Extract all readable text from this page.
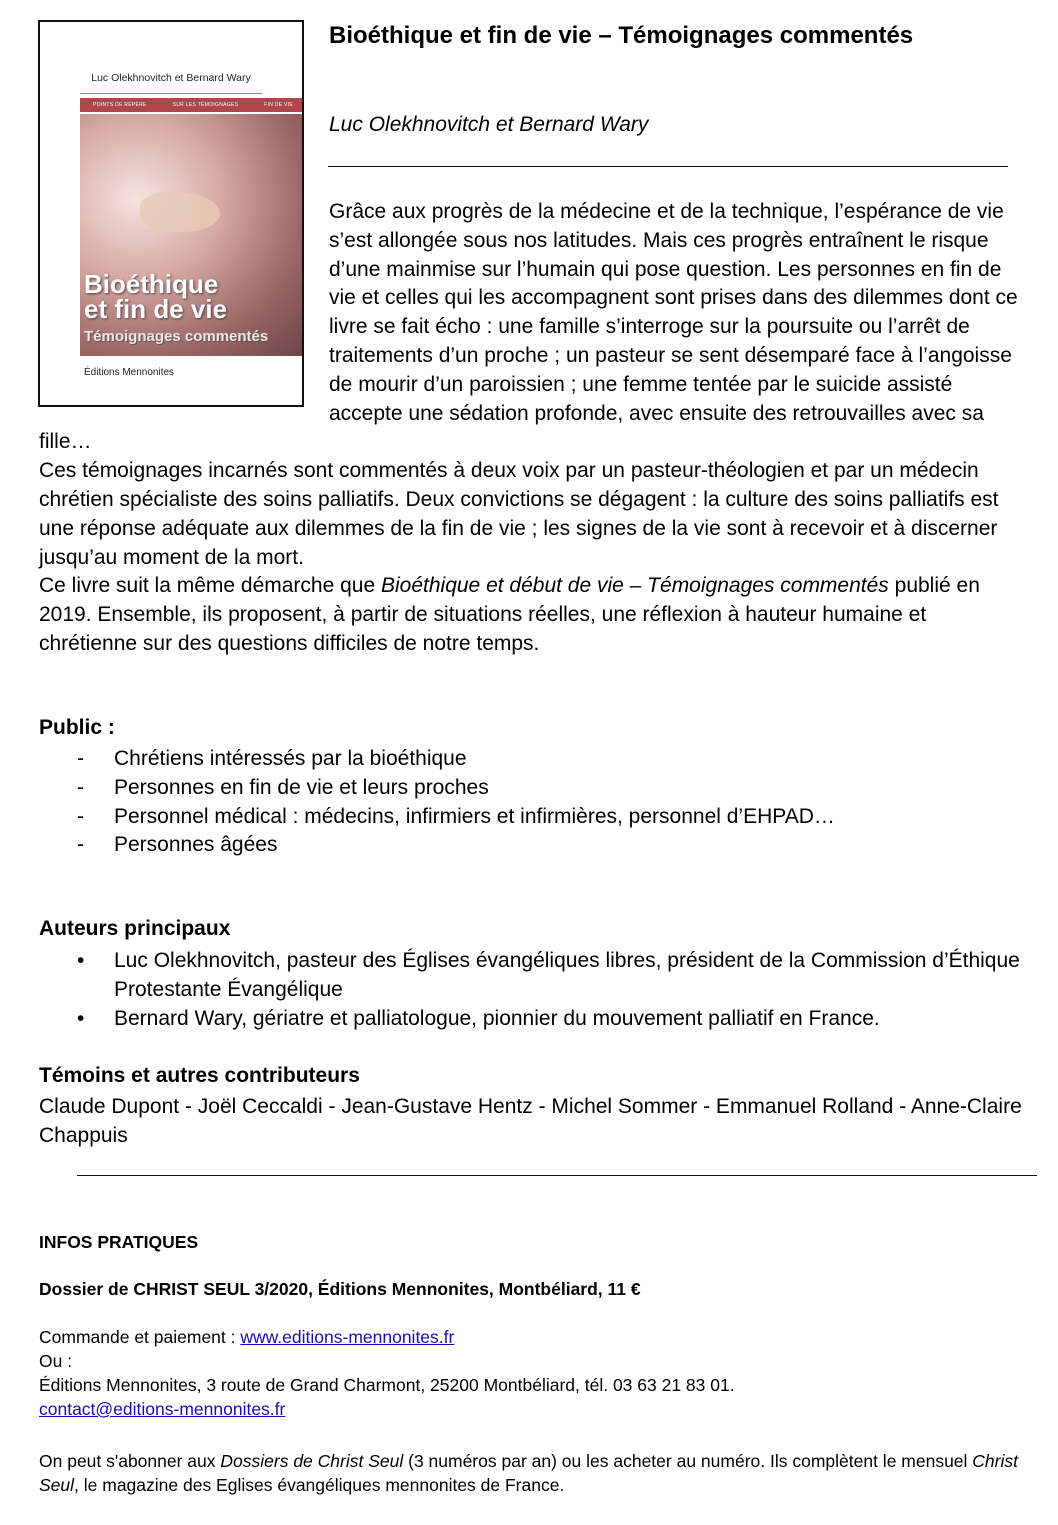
Luc Olekhnovitch et Bernard Wary
POINTS DE REPÈRE	SUR LES TÉMOIGNAGES	FIN DE VIE
Bioéthique
et fin de vie
Témoignages commentés
Éditions Mennonites
Bioéthique et fin de vie – Témoignages commentés
Luc Olekhnovitch et Bernard Wary

Grâce aux progrès de la médecine et de la technique, l’espérance de vie s’est allongée sous nos latitudes. Mais ces progrès entraînent le risque d’une mainmise sur l’humain qui pose question. Les personnes en fin de vie et celles qui les accompagnent sont prises dans des dilemmes dont ce livre se fait écho : une famille s’interroge sur la poursuite ou l’arrêt de traitements d’un proche ; un pasteur se sent désemparé face à l’angoisse de mourir d’un paroissien ; une femme tentée par le suicide assisté accepte une sédation profonde, avec ensuite des retrouvailles avec sa fille…

Ces témoignages incarnés sont commentés à deux voix par un pasteur-théologien et par un médecin chrétien spécialiste des soins palliatifs. Deux convictions se dégagent : la culture des soins palliatifs est une réponse adéquate aux dilemmes de la fin de vie ; les signes de la vie sont à recevoir et à discerner jusqu’au moment de la mort.

Ce livre suit la même démarche que Bioéthique et début de vie – Témoignages commentés publié en 2019. Ensemble, ils proposent, à partir de situations réelles, une réflexion à hauteur humaine et chrétienne sur des questions difficiles de notre temps.

Public :
- Chrétiens intéressés par la bioéthique
- Personnes en fin de vie et leurs proches
- Personnel médical : médecins, infirmiers et infirmières, personnel d’EHPAD…
- Personnes âgées
Auteurs principaux
• Luc Olekhnovitch, pasteur des Églises évangéliques libres, président de la Commission d’Éthique Protestante Évangélique
• Bernard Wary, gériatre et palliatologue, pionnier du mouvement palliatif en France.
Témoins et autres contributeurs
Claude Dupont - Joël Ceccaldi - Jean-Gustave Hentz - Michel Sommer - Emmanuel Rolland - Anne-Claire Chappuis
INFOS PRATIQUES
Dossier de CHRIST SEUL 3/2020, Éditions Mennonites, Montbéliard, 11 €
Commande et paiement : www.editions-mennonites.fr
Ou :
Éditions Mennonites, 3 route de Grand Charmont, 25200 Montbéliard, tél. 03 63 21 83 01.
contact@editions-mennonites.fr
On peut s'abonner aux Dossiers de Christ Seul (3 numéros par an) ou les acheter au numéro. Ils complètent le mensuel Christ Seul, le magazine des Eglises évangéliques mennonites de France.
